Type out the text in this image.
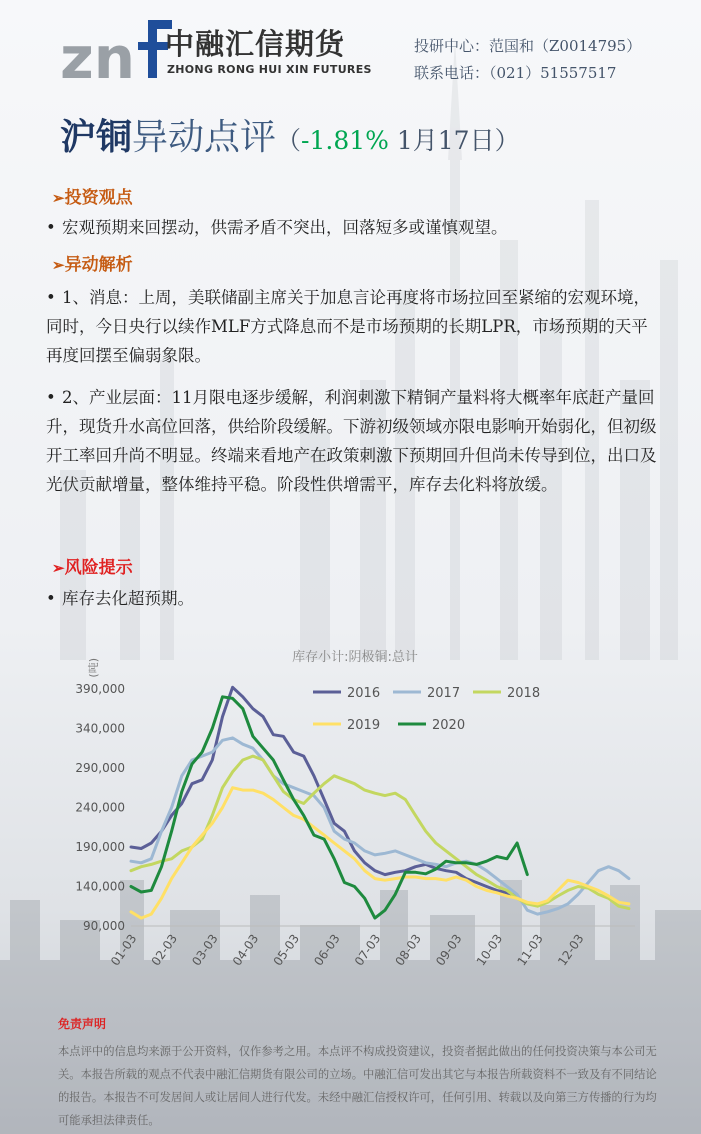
zn 中融汇信期货
ZHONG RONG HUI XIN FUTURES
投研中心：范国和（Z0014795）
联系电话：（021）51557517
沪铜异动点评（-1.81% 1月17日）
➢投资观点
• 宏观预期来回摆动，供需矛盾不突出，回落短多或谨慎观望。
➢异动解析
• 1、消息：上周，美联储副主席关于加息言论再度将市场拉回至紧缩的宏观环境，同时，今日央行以续作MLF方式降息而不是市场预期的长期LPR，市场预期的天平再度回摆至偏弱象限。
• 2、产业层面：11月限电逐步缓解，利润刺激下精铜产量料将大概率年底赶产量回升，现货升水高位回落，供给阶段缓解。下游初级领域亦限电影响开始弱化，但初级开工率回升尚不明显。终端来看地产在政策刺激下预期回升但尚未传导到位，出口及光伏贡献增量，整体维持平稳。阶段性供增需平，库存去化料将放缓。
➢风险提示
• 库存去化超预期。
库存小计:阴极铜:总计
(吨)
90,000
140,000
190,000
240,000
290,000
340,000
390,000
01-03 02-03 03-03 04-03 05-03 06-03 07-03 08-03 09-03 10-03 11-03 12-03
2016	2017	2018
2019	2020
免责声明
本点评中的信息均来源于公开资料，仅作参考之用。本点评不构成投资建议，投资者据此做出的任何投资决策与本公司无关。本报告所载的观点不代表中融汇信期货有限公司的立场。中融汇信可发出其它与本报告所载资料不一致及有不同结论的报告。本报告不可发居间人或让居间人进行代发。未经中融汇信授权许可，任何引用、转载以及向第三方传播的行为均可能承担法律责任。
